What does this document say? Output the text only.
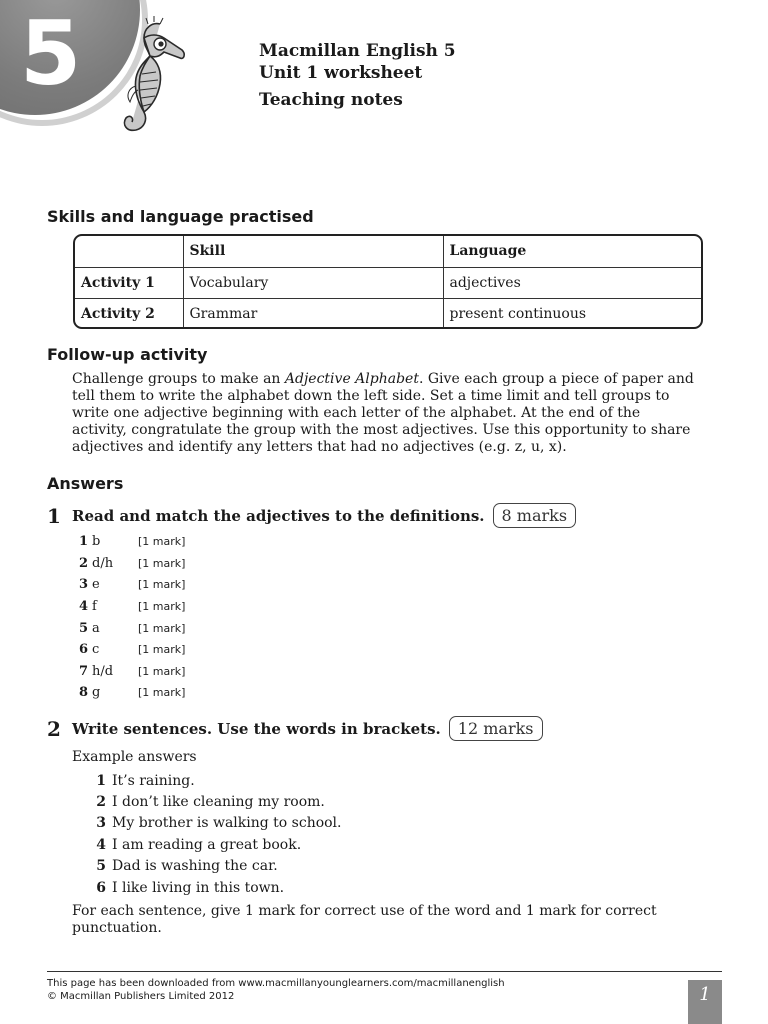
5	Macmillan English 5
Unit 1 worksheet
Teaching notes
Skills and language practised
	Skill	Language
Activity 1	Vocabulary	adjectives
Activity 2	Grammar	present continuous
Follow-up activity
Challenge groups to make an Adjective Alphabet. Give each group a piece of paper and tell them to write the alphabet down the left side. Set a time limit and tell groups to write one adjective beginning with each letter of the alphabet. At the end of the activity, congratulate the group with the most adjectives. Use this opportunity to share adjectives and identify any letters that had no adjectives (e.g. z, u, x).
Answers
1 Read and match the adjectives to the definitions.	8 marks
1 b	[1 mark]
2 d/h	[1 mark]
3 e	[1 mark]
4 f	[1 mark]
5 a	[1 mark]
6 c	[1 mark]
7 h/d	[1 mark]
8 g	[1 mark]
2 Write sentences. Use the words in brackets.	12 marks
Example answers
1 It’s raining.
2 I don’t like cleaning my room.
3 My brother is walking to school.
4 I am reading a great book.
5 Dad is washing the car.
6 I like living in this town.
For each sentence, give 1 mark for correct use of the word and 1 mark for correct punctuation.
This page has been downloaded from www.macmillanyounglearners.com/macmillanenglish
© Macmillan Publishers Limited 2012	1
